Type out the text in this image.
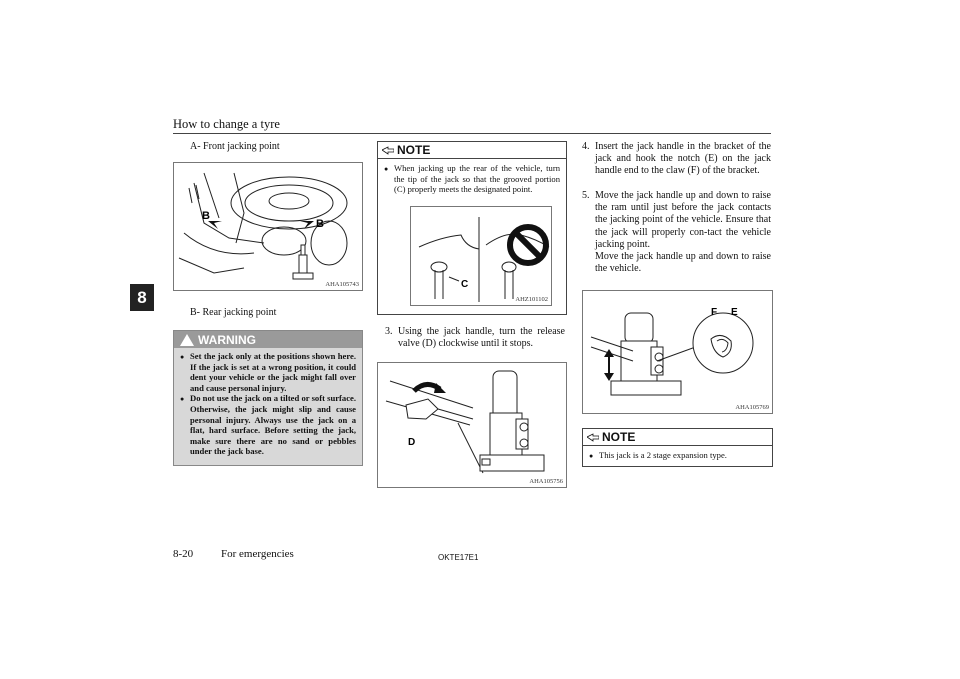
How to change a tyre
8
A- Front jacking point
B
B
AHA105743
B- Rear jacking point
WARNING
● Set the jack only at the positions shown here. If the jack is set at a wrong position, it could dent your vehicle or the jack might fall over and cause personal injury.
● Do not use the jack on a tilted or soft surface. Otherwise, the jack might slip and cause personal injury. Always use the jack on a flat, hard surface. Before setting the jack, make sure there are no sand or pebbles under the jack base.
NOTE
● When jacking up the rear of the vehicle, turn the tip of the jack so that the grooved portion (C) properly meets the designated point.
C
AHZ101102
3. Using the jack handle, turn the release valve (D) clockwise until it stops.
D
AHA105756
4. Insert the jack handle in the bracket of the jack and hook the notch (E) on the jack handle end to the claw (F) of the bracket.
5. Move the jack handle up and down to raise the ram until just before the jack contacts the jacking point of the vehicle. Ensure that the jack will properly con-tact the vehicle jacking point.
Move the jack handle up and down to raise the vehicle.
F E
AHA105769
NOTE
● This jack is a 2 stage expansion type.
8-20	For emergencies	OKTE17E1
